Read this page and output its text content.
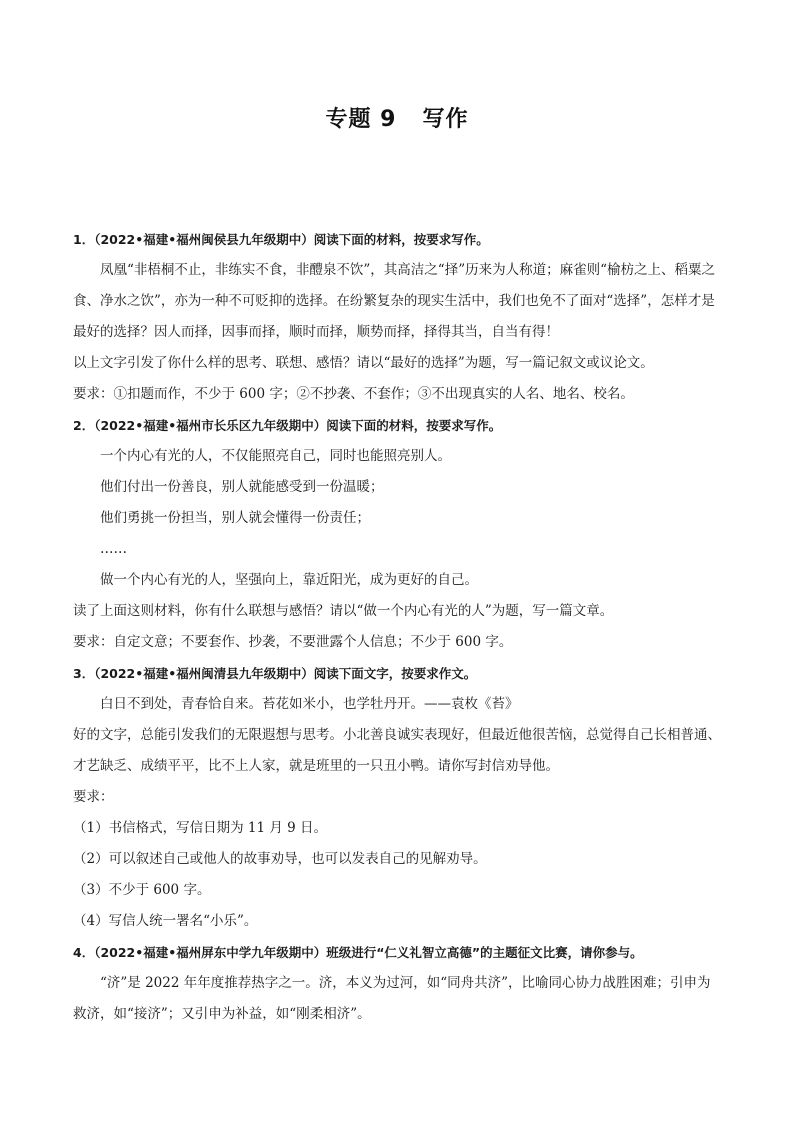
专题 9 写作

1．（2022•福建•福州闽侯县九年级期中）阅读下面的材料，按要求写作。

凤凰“非梧桐不止，非练实不食，非醴泉不饮”，其高洁之“择”历来为人称道；麻雀则“榆枋之上、稻粟之食、净水之饮”，亦为一种不可贬抑的选择。在纷繁复杂的现实生活中，我们也免不了面对“选择”，怎样才是最好的选择？因人而择，因事而择，顺时而择，顺势而择，择得其当，自当有得！

以上文字引发了你什么样的思考、联想、感悟？请以“最好的选择”为题，写一篇记叙文或议论文。

要求：①扣题而作，不少于 600 字；②不抄袭、不套作；③不出现真实的人名、地名、校名。

2．（2022•福建•福州市长乐区九年级期中）阅读下面的材料，按要求写作。

一个内心有光的人，不仅能照亮自己，同时也能照亮别人。

他们付出一份善良，别人就能感受到一份温暖；

他们勇挑一份担当，别人就会懂得一份责任；

……

做一个内心有光的人，坚强向上，靠近阳光，成为更好的自己。

读了上面这则材料，你有什么联想与感悟？请以“做一个内心有光的人”为题，写一篇文章。

要求：自定文意；不要套作、抄袭，不要泄露个人信息；不少于 600 字。

3．（2022•福建•福州闽清县九年级期中）阅读下面文字，按要求作文。

白日不到处，青春恰自来。苔花如米小，也学牡丹开。——袁枚《苔》

好的文字，总能引发我们的无限遐想与思考。小北善良诚实表现好，但最近他很苦恼，总觉得自己长相普通、才艺缺乏、成绩平平，比不上人家，就是班里的一只丑小鸭。请你写封信劝导他。

要求：

（1）书信格式，写信日期为 11 月 9 日。

（2）可以叙述自己或他人的故事劝导，也可以发表自己的见解劝导。

（3）不少于 600 字。

（4）写信人统一署名“小乐”。

4．（2022•福建•福州屏东中学九年级期中）班级进行“仁义礼智立高德”的主题征文比赛，请你参与。

“济”是 2022 年年度推荐热字之一。济，本义为过河，如“同舟共济”，比喻同心协力战胜困难；引申为救济，如“接济”；又引申为补益，如“刚柔相济”。
